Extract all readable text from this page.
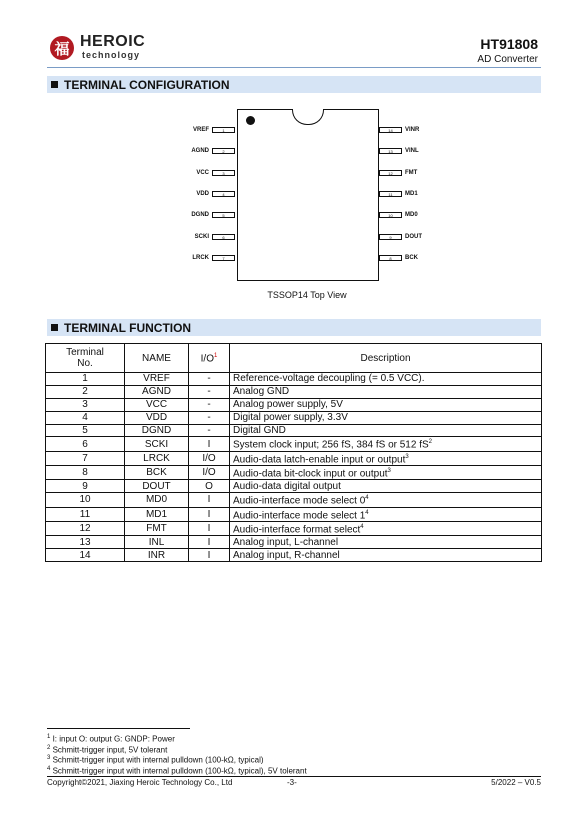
福 HEROIC
technology
HT91808
AD Converter
TERMINAL CONFIGURATION
1
VREF
2
AGND
3
VCC
4
VDD
5
DGND
6
SCKI
7
LRCK
14	VINR
13	VINL
12	FMT
11	MD1
10	MD0
9	DOUT
8	BCK
TSSOP14 Top View
TERMINAL FUNCTION
Terminal
No.	NAME	$I/O^1$	Description
1	VREF	-	Reference-voltage decoupling (= 0.5 VCC).
2	AGND	-	Analog GND
3	VCC	-	Analog power supply, 5V
4	VDD	-	Digital power supply, 3.3V
5	DGND	-	Digital GND
6	SCKI	I	System clock input; 256 fS, 384 fS or 512 $fS^2$
7	LRCK	I/O	Audio-data latch-enable input or output$^3$
8	BCK	I/O	Audio-data bit-clock input or output$^3$
9	DOUT	O	Audio-data digital output
10	MD0	I	Audio-interface mode select $0^4$
11	MD1	I	Audio-interface mode select $1^4$
12	FMT	I	Audio-interface format select$^4$
13	INL	I	Analog input, L-channel
14	INR	I	Analog input, R-channel
$^1$ I: input O: output G: GNDP: Power
$^2$ Schmitt-trigger input, 5V tolerant
$^3$ Schmitt-trigger input with internal pulldown (100-kΩ, typical)
$^4$ Schmitt-trigger input with internal pulldown (100-kΩ, typical), 5V tolerant
Copyright©2021, Jiaxing Heroic Technology Co., Ltd	-3-	5/2022 – V0.5
